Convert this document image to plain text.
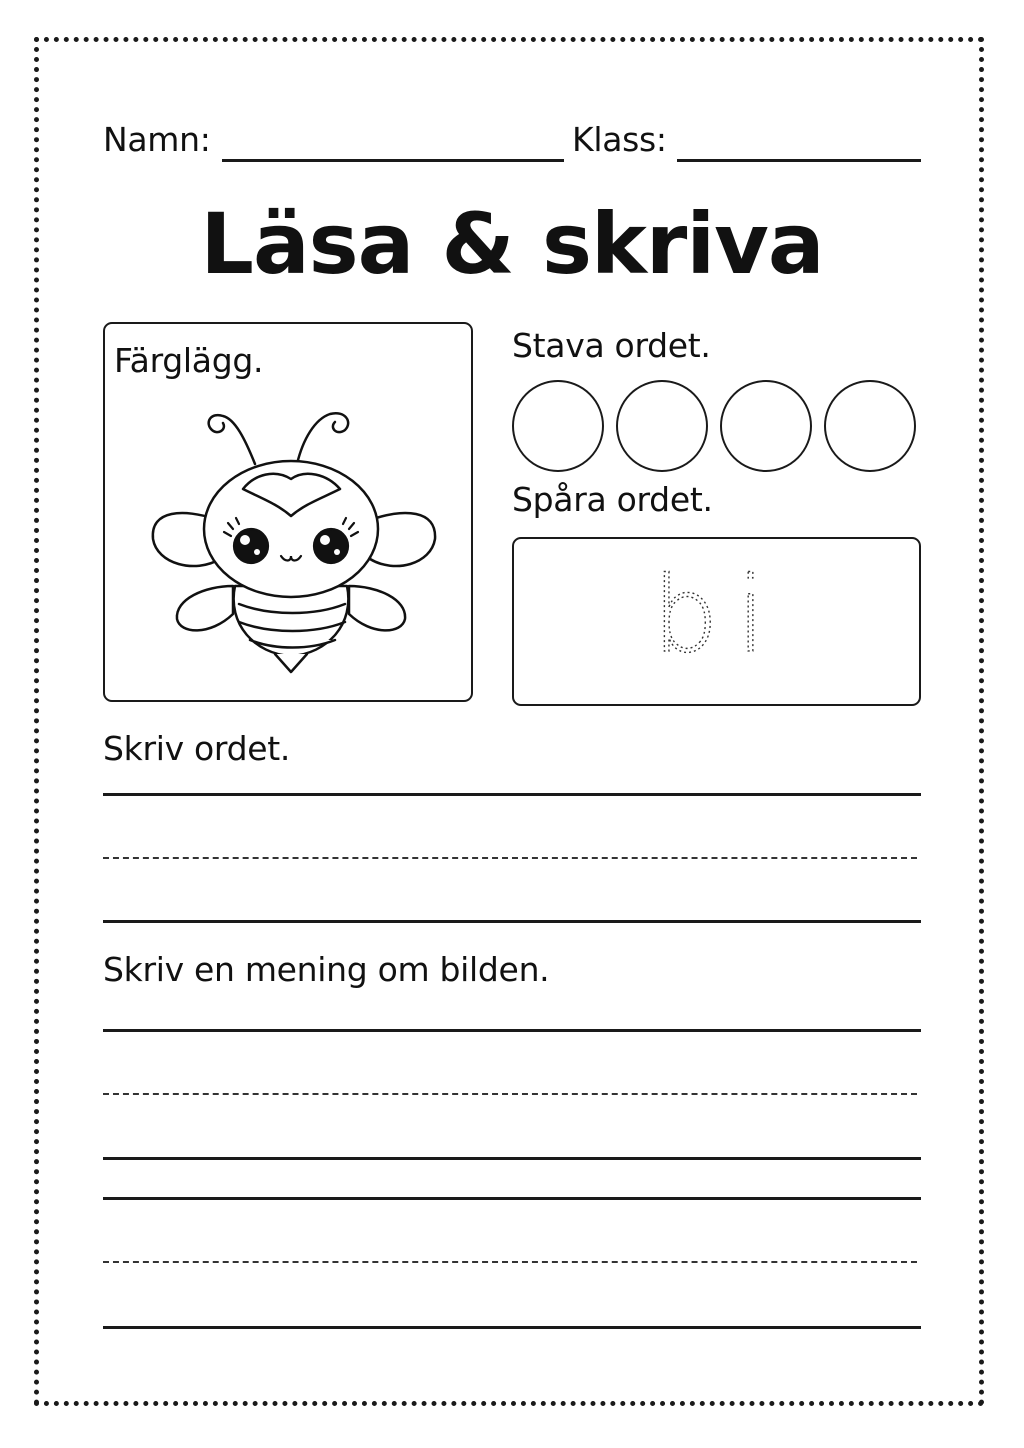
Namn:	Klass:
Läsa & skriva
Färglägg.	Stava ordet.
Spåra ordet.
bi
Skriv ordet.
Skriv en mening om bilden.
